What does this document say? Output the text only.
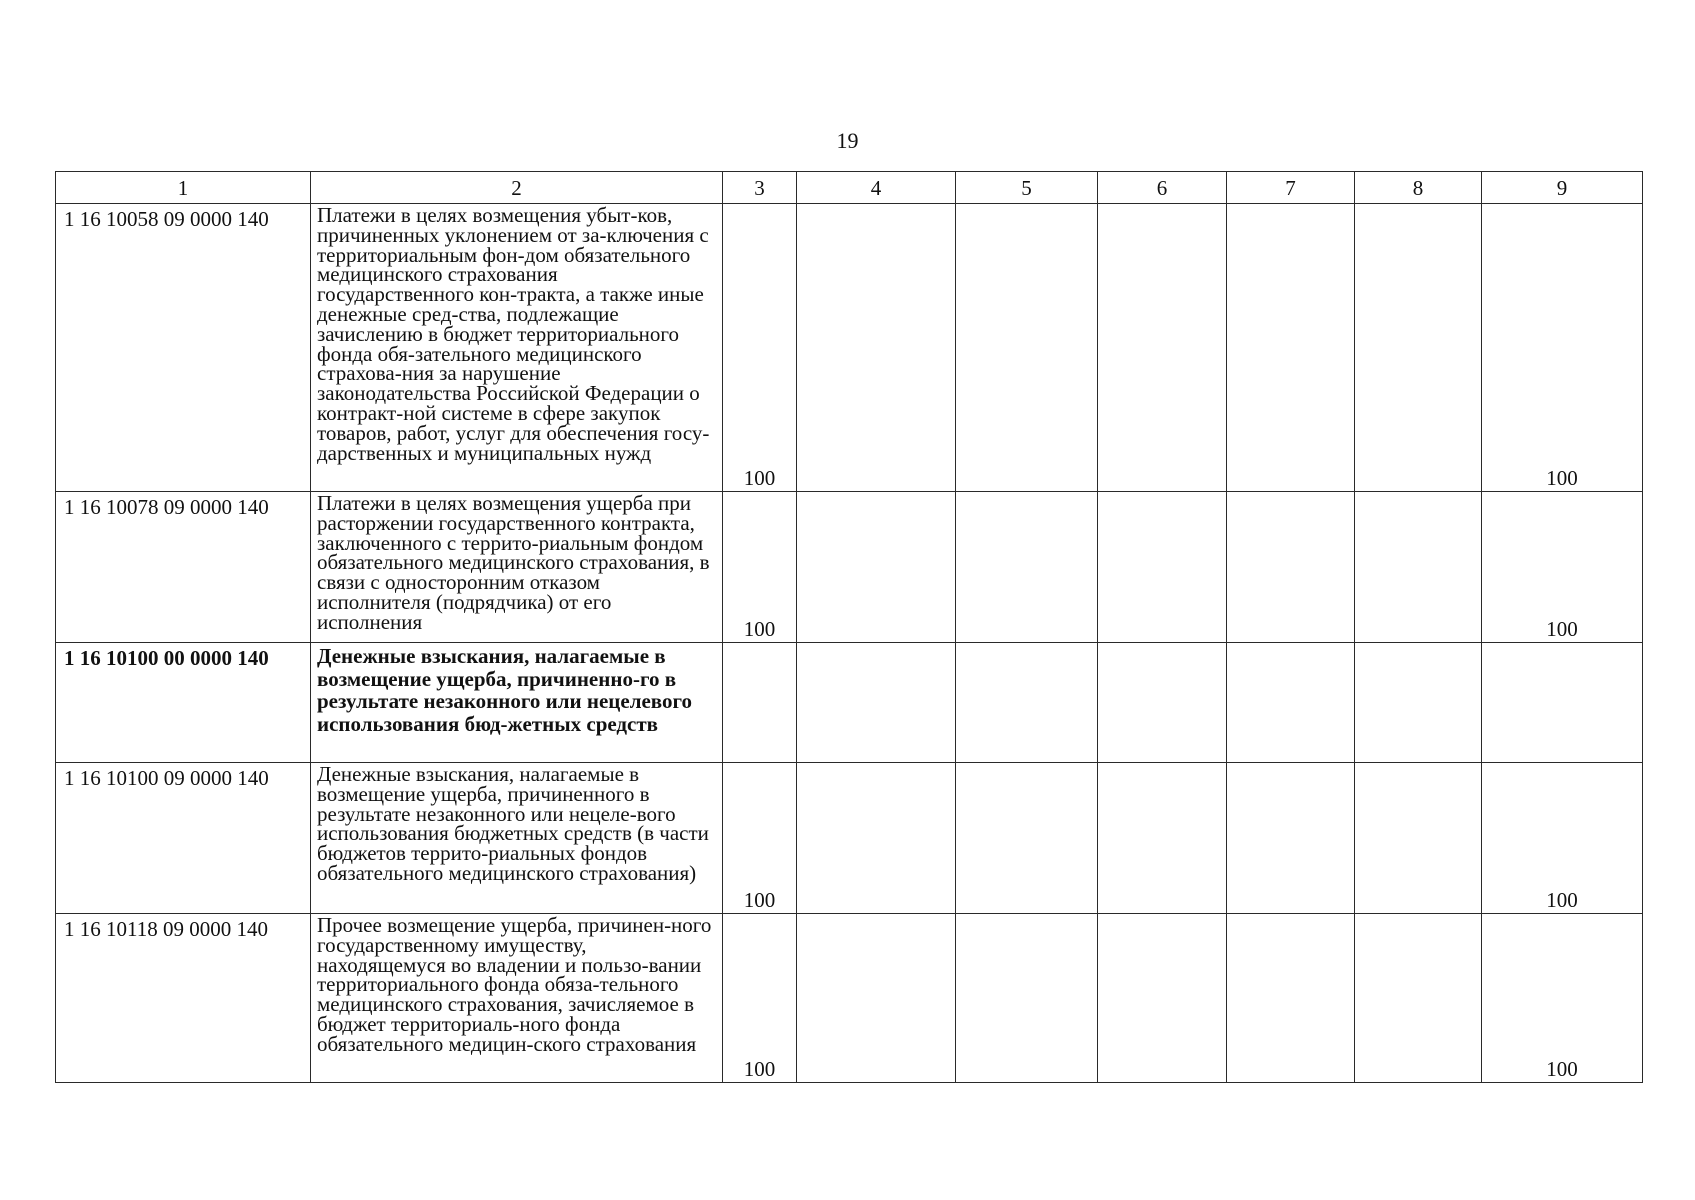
19
1	2	3	4	5	6	7	8	9
1 16 10058 09 0000 140	Платежи в целях возмещения убыт-ков, причиненных уклонением от за-ключения с территориальным фон-дом обязательного медицинского страхования государственного кон-тракта, а также иные денежные сред-ства, подлежащие зачислению в бюджет территориального фонда обя-зательного медицинского страхова-ния за нарушение законодательства Российской Федерации о контракт-ной системе в сфере закупок товаров, работ, услуг для обеспечения госу-дарственных и муниципальных нужд	100						100
1 16 10078 09 0000 140	Платежи в целях возмещения ущерба при расторжении государственного контракта, заключенного с террито-риальным фондом обязательного медицинского страхования, в связи с односторонним отказом исполнителя (подрядчика) от его исполнения	100						100
1 16 10100 00 0000 140	Денежные взыскания, налагаемые в возмещение ущерба, причиненно-го в результате незаконного или нецелевого использования бюд-жетных средств							
1 16 10100 09 0000 140	Денежные взыскания, налагаемые в возмещение ущерба, причиненного в результате незаконного или нецеле-вого использования бюджетных средств (в части бюджетов террито-риальных фондов обязательного медицинского страхования)	100						100
1 16 10118 09 0000 140	Прочее возмещение ущерба, причинен-ного государственному имуществу, находящемуся во владении и пользо-вании территориального фонда обяза-тельного медицинского страхования, зачисляемое в бюджет территориаль-ного фонда обязательного медицин-ского страхования	100						100
